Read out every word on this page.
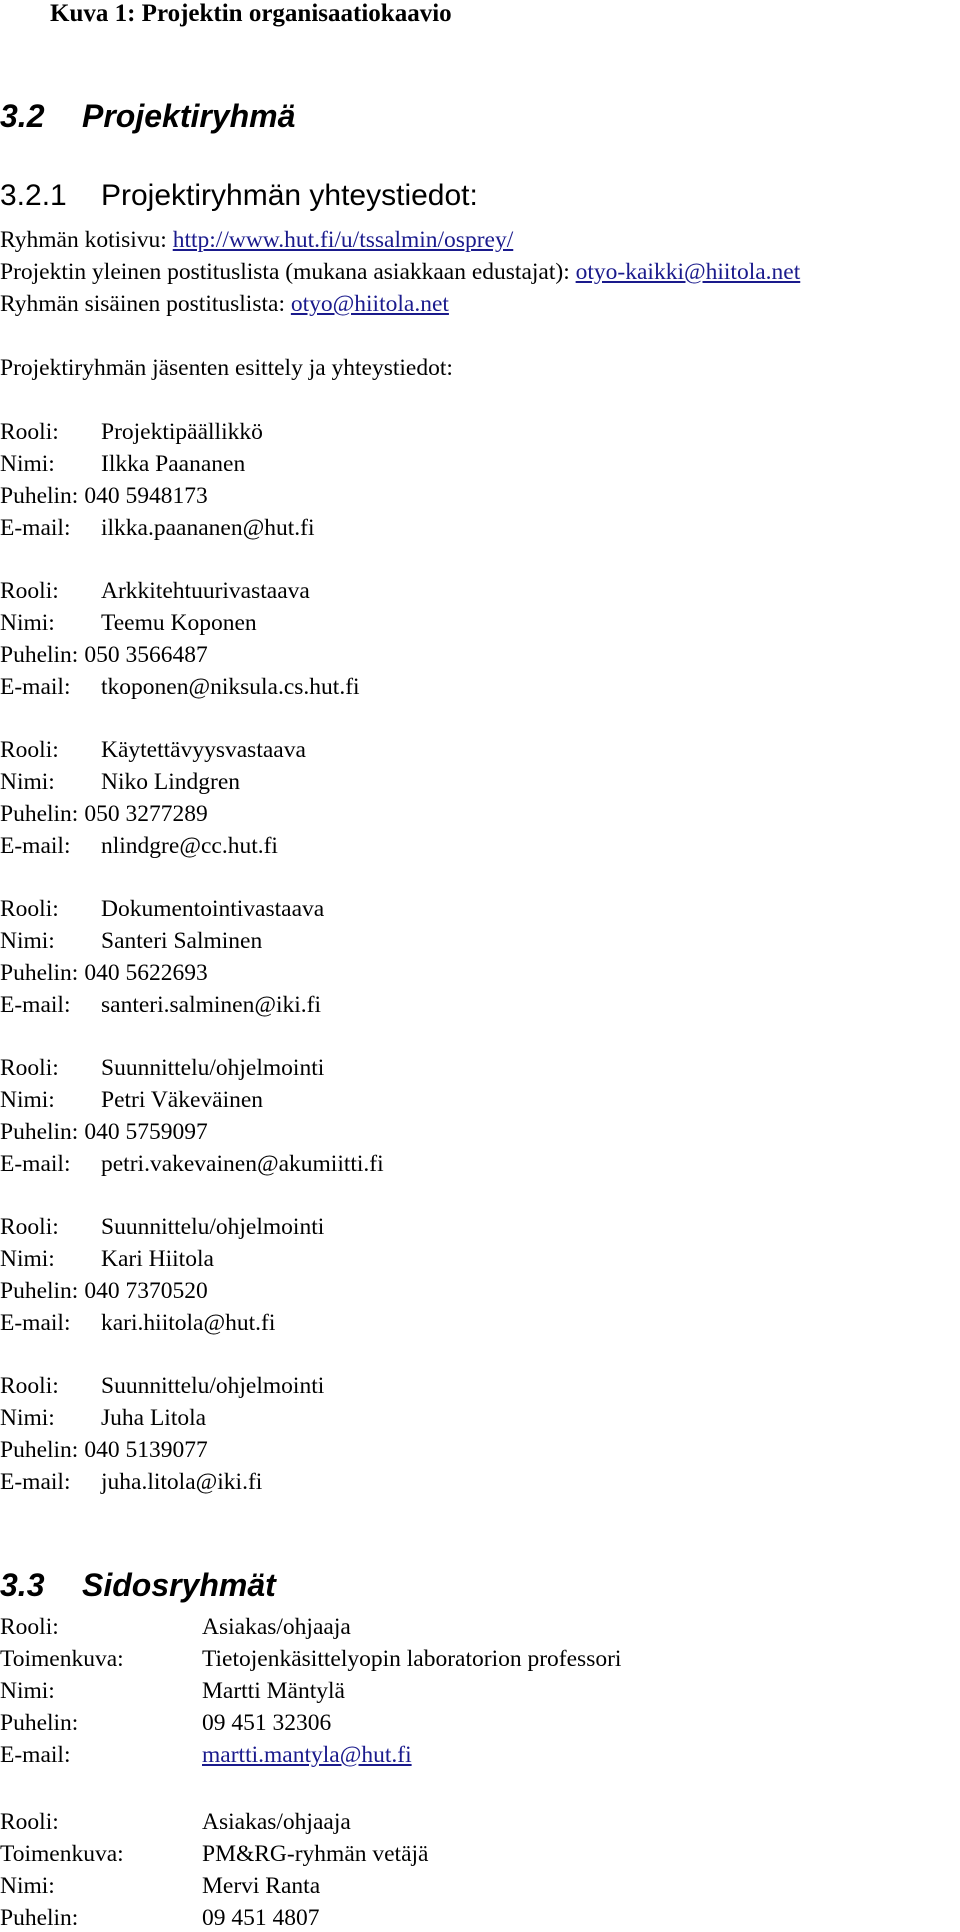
Kuva 1: Projektin organisaatiokaavio
3.2 Projektiryhmä
3.2.1 Projektiryhmän yhteystiedot:
Ryhmän kotisivu: http://www.hut.fi/u/tssalmin/osprey/
Projektin yleinen postituslista (mukana asiakkaan edustajat): otyo-kaikki@hiitola.net
Ryhmän sisäinen postituslista: otyo@hiitola.net
Projektiryhmän jäsenten esittely ja yhteystiedot:
Rooli: Projektipäällikkö
Nimi: Ilkka Paananen
Puhelin: 040 5948173
E-mail: ilkka.paananen@hut.fi
Rooli: Arkkitehtuurivastaava
Nimi: Teemu Koponen
Puhelin: 050 3566487
E-mail: tkoponen@niksula.cs.hut.fi
Rooli: Käytettävyysvastaava
Nimi: Niko Lindgren
Puhelin: 050 3277289
E-mail: nlindgre@cc.hut.fi
Rooli: Dokumentointivastaava
Nimi: Santeri Salminen
Puhelin: 040 5622693
E-mail: santeri.salminen@iki.fi
Rooli: Suunnittelu/ohjelmointi
Nimi: Petri Väkeväinen
Puhelin: 040 5759097
E-mail: petri.vakevainen@akumiitti.fi
Rooli: Suunnittelu/ohjelmointi
Nimi: Kari Hiitola
Puhelin: 040 7370520
E-mail: kari.hiitola@hut.fi
Rooli: Suunnittelu/ohjelmointi
Nimi: Juha Litola
Puhelin: 040 5139077
E-mail: juha.litola@iki.fi
3.3 Sidosryhmät
Rooli:	Asiakas/ohjaaja
Toimenkuva:	Tietojenkäsittelyopin laboratorion professori
Nimi:	Martti Mäntylä
Puhelin:	09 451 32306
E-mail:	martti.mantyla@hut.fi
Rooli:	Asiakas/ohjaaja
Toimenkuva:	PM&RG-ryhmän vetäjä
Nimi:	Mervi Ranta
Puhelin:	09 451 4807
